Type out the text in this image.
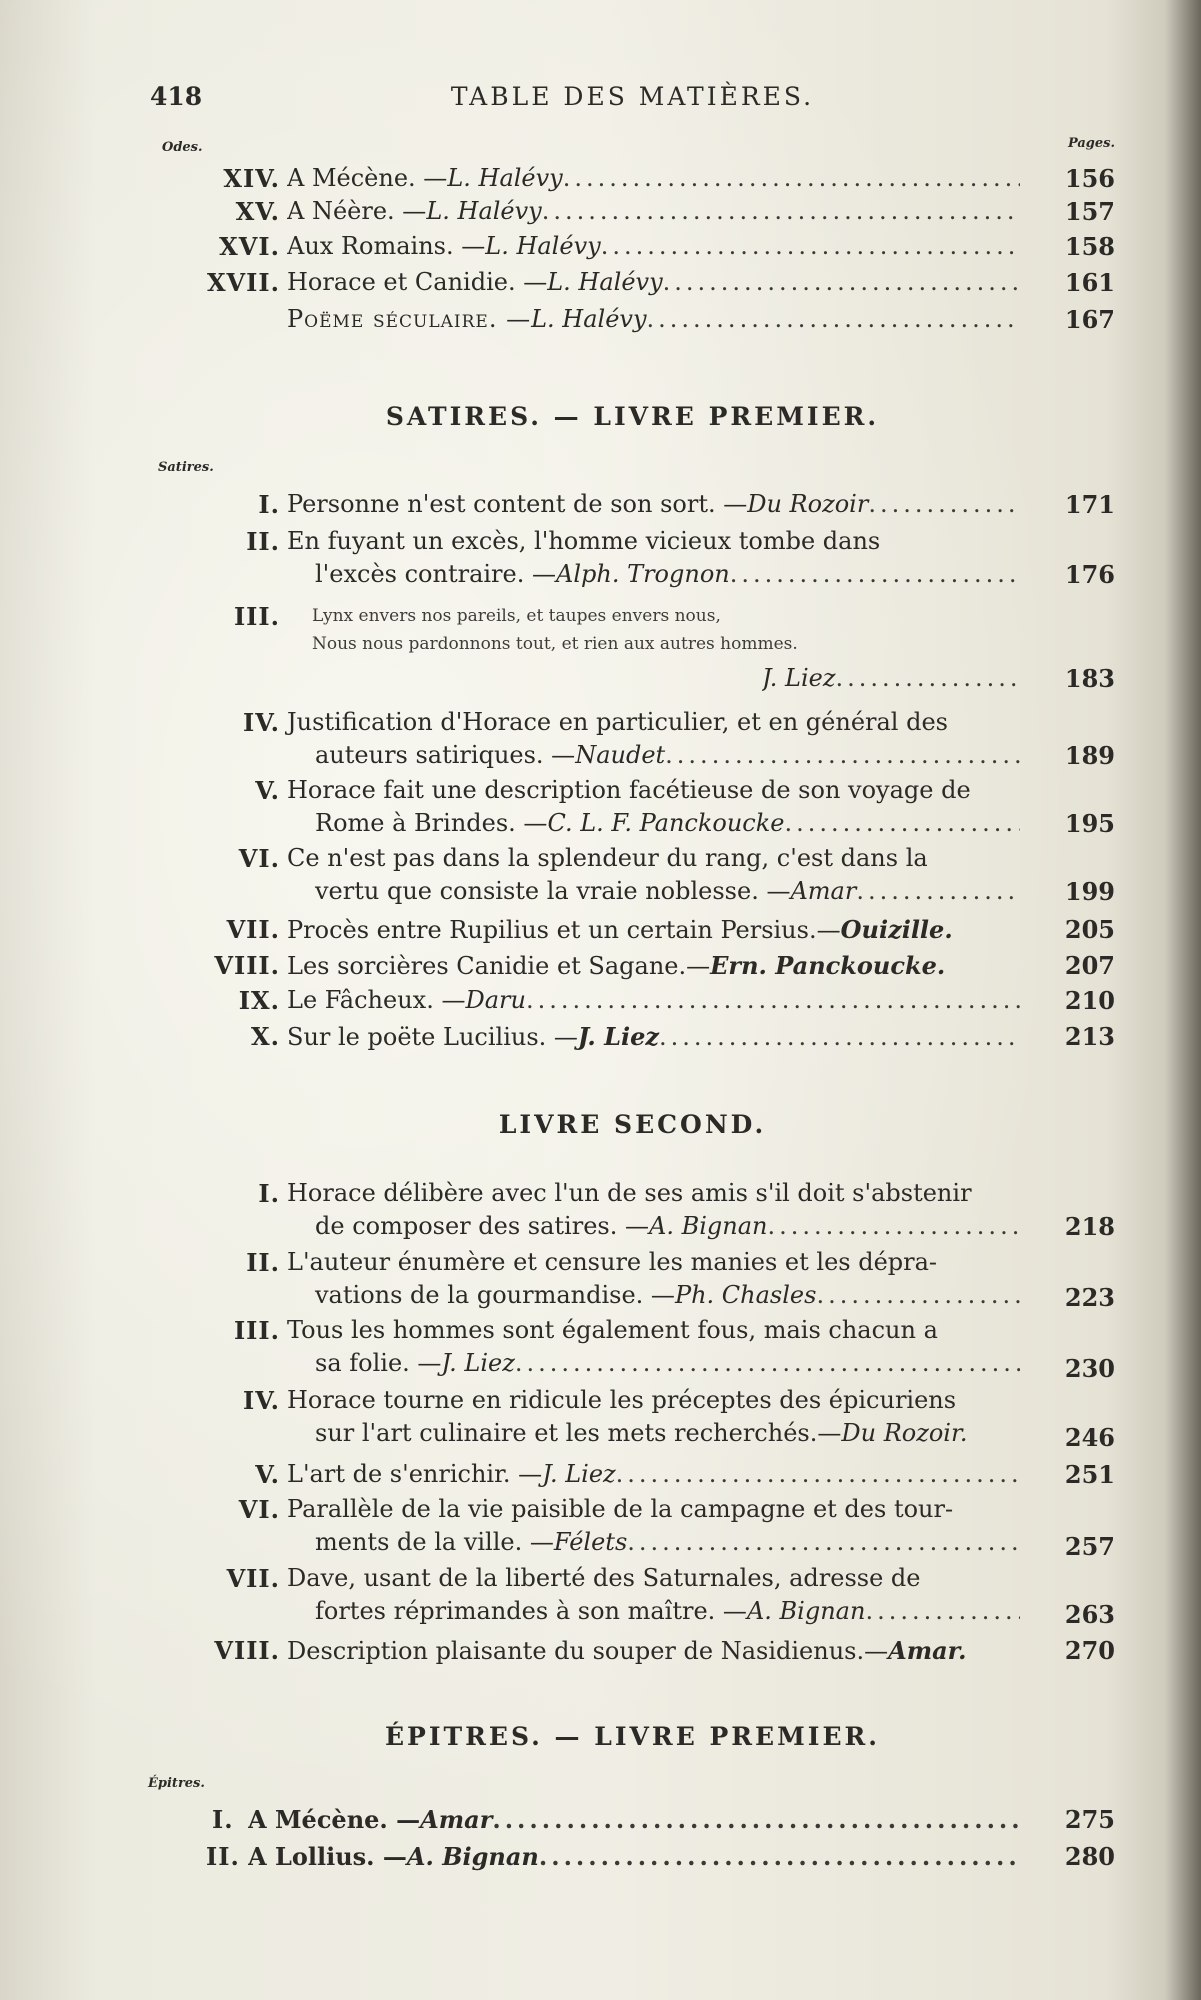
418	TABLE DES MATIÈRES.
Odes.	Pages.
XIV. A Mécène. — L. Halévy .....	156
XV. A Néère. — L. Halévy .....	157
XVI. Aux Romains. — L. Halévy .....	158
XVII. Horace et Canidie. — L. Halévy .....	161
Poëme séculaire. — L. Halévy .....	167
SATIRES. — LIVRE PREMIER.
Satires.
I. Personne n'est content de son sort. — Du Rozoir .....	171
II. En fuyant un excès, l'homme vicieux tombe dans
l'excès contraire. — Alph. Trognon .....	176
III. Lynx envers nos pareils, et taupes envers nous,
Nous nous pardonnons tout, et rien aux autres hommes.
J. Liez .....	183
IV. Justification d'Horace en particulier, et en général des
auteurs satiriques. — Naudet .....	189
V. Horace fait une description facétieuse de son voyage de
Rome à Brindes. — C. L. F. Panckoucke .....	195
VI. Ce n'est pas dans la splendeur du rang, c'est dans la
vertu que consiste la vraie noblesse. — Amar .....	199
VII. Procès entre Rupilius et un certain Persius.— Ouizille.	205
VIII. Les sorcières Canidie et Sagane.— Ern. Panckoucke.	207
IX. Le Fâcheux. — Daru .....	210
X. Sur le poëte Lucilius. — J. Liez .....	213
LIVRE SECOND.
I. Horace délibère avec l'un de ses amis s'il doit s'abstenir
de composer des satires. — A. Bignan .....	218
II. L'auteur énumère et censure les manies et les dépra-
vations de la gourmandise. — Ph. Chasles .....	223
III. Tous les hommes sont également fous, mais chacun a
sa folie. — J. Liez .....	230
IV. Horace tourne en ridicule les préceptes des épicuriens
sur l'art culinaire et les mets recherchés.— Du Rozoir.	246
V. L'art de s'enrichir. — J. Liez .....	251
VI. Parallèle de la vie paisible de la campagne et des tour-
ments de la ville. — Félets .....	257
VII. Dave, usant de la liberté des Saturnales, adresse de
fortes réprimandes à son maître. — A. Bignan .....	263
VIII. Description plaisante du souper de Nasidienus.— Amar.	270
ÉPITRES. — LIVRE PREMIER.
Épitres.
I. A Mécène. — Amar .....	275
II. A Lollius. — A. Bignan .....	280
